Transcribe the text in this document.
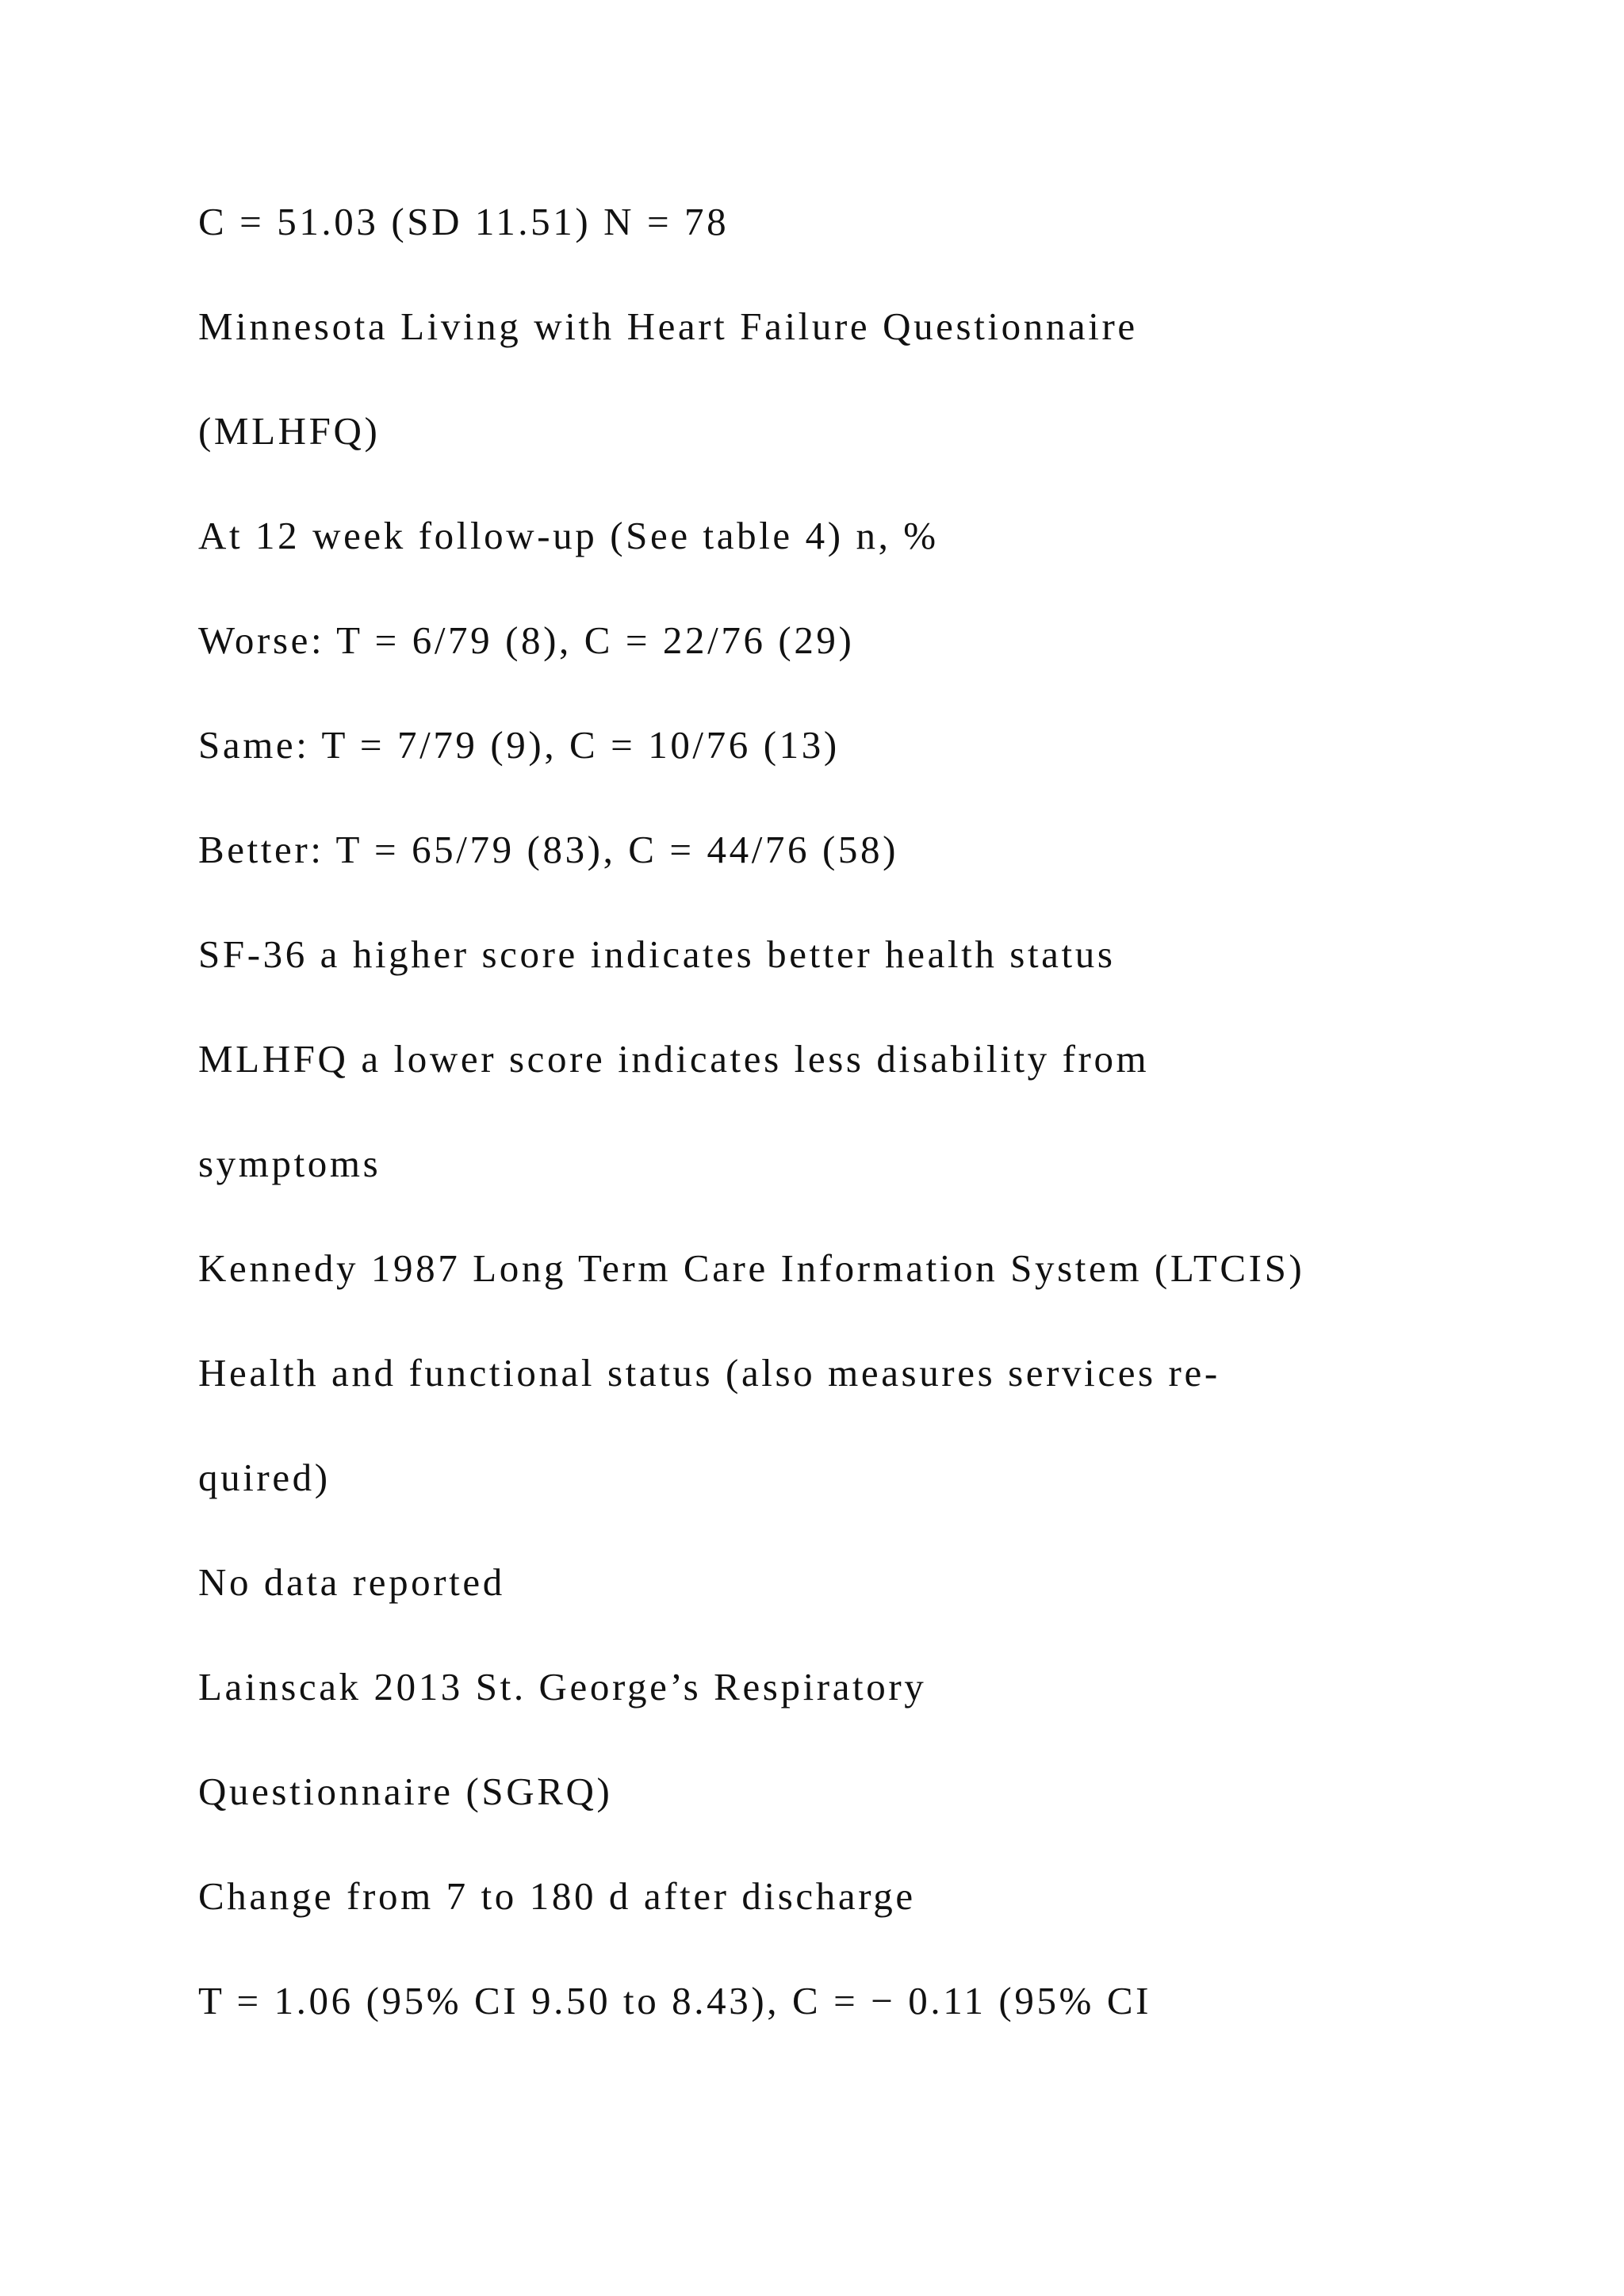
C = 51.03 (SD 11.51) N = 78

Minnesota Living with Heart Failure Questionnaire

(MLHFQ)

At 12 week follow-up (See table 4) n, %

Worse: T = 6/79 (8), C = 22/76 (29)

Same: T = 7/79 (9), C = 10/76 (13)

Better: T = 65/79 (83), C = 44/76 (58)

SF-36 a higher score indicates better health status

MLHFQ a lower score indicates less disability from

symptoms

Kennedy 1987 Long Term Care Information System (LTCIS)

Health and functional status (also measures services re-

quired)

No data reported

Lainscak 2013 St. George’s Respiratory

Questionnaire (SGRQ)

Change from 7 to 180 d after discharge

T = 1.06 (95% CI 9.50 to 8.43), C = − 0.11 (95% CI
